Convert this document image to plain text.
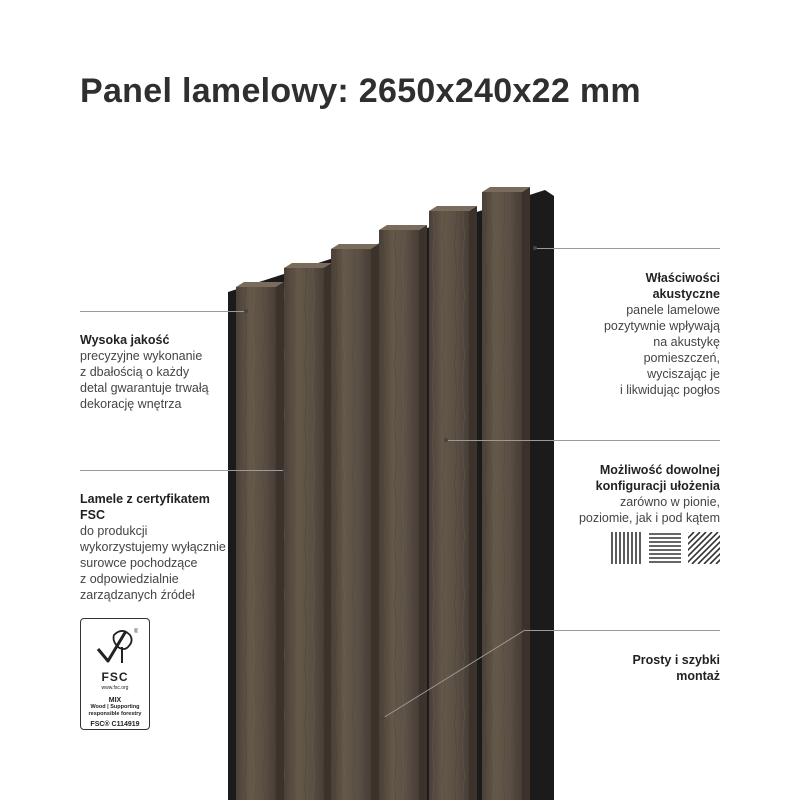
Panel lamelowy: 2650x240x22 mm
Wysoka jakość
precyzyjne wykonanie
z dbałością o każdy
detal gwarantuje trwałą
dekorację wnętrza
Lamele z certyfikatem
FSC
do produkcji
wykorzystujemy wyłącznie
surowce pochodzące
z odpowiedzialnie
zarządzanych źródeł
®
FSC
www.fsc.org
MIX
Wood | Supporting
responsible forestry
FSC® C114919
Właściwości
akustyczne
panele lamelowe
pozytywnie wpływają
na akustykę
pomieszczeń,
wyciszając je
i likwidując pogłos
Możliwość dowolnej
konfiguracji ułożenia
zarówno w pionie,
poziomie, jak i pod kątem
Prosty i szybki
montaż
